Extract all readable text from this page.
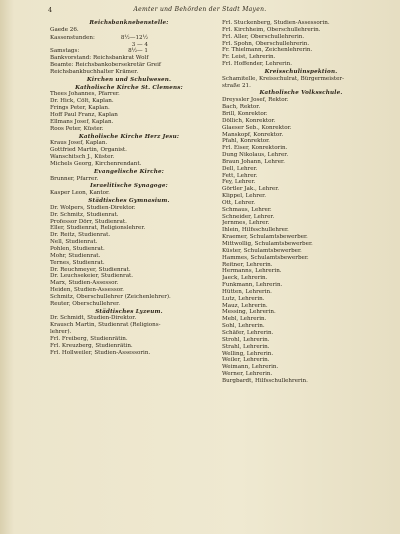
4	Aemter und Behörden der Stadt Mayen.
Reichsbanknebenstelle:
Gaede 26.
Kassenstunden:	8½—12½
3 — 4
Samstags:	8½— 1
Bankvorstand: Reichsbankrat Wolf
Beamte: Reichsbankobersekretär Greif
Reichsbankbuchhalter Krämer.
Kirchen und Schulwesen.
Katholische Kirche St. Clemens:
Thees Johannes, Pfarrer.
Dr. Hick, Cölt, Kaplan.
Frings Peter, Kaplan.
Hoff Paul Franz, Kaplan
Ellmans Josef, Kaplan.
Roos Peter, Küster.
Katholische Kirche Herz Jesu:
Kraus Josef, Kaplan.
Gottfried Martin, Organist.
Wanschitsch J., Küster.
Michels Georg, Kirchenrendant.
Evangelische Kirche:
Brunner, Pfarrer.
Israelitische Synagoge:
Kasper Leon, Kantor.
Städtisches Gymnasium.
Dr. Wolpers, Studien-Direktor.
Dr. Schmitz, Studienrat.
Professor Dörr, Studienrat.
Eller, Studienrat, Religionslehrer.
Dr. Reitz, Studienrat.
Nell, Studienrat.
Pohlen, Studienrat.
Mohr, Studienrat.
Ternes, Studienrat.
Dr. Reuchmeyer, Studienrat.
Dr. Leuchsekeier, Studienrat.
Marx, Studien-Assessor.
Heiden, Studien-Assessor.
Schmitz, Oberschullehrer (Zeichenlehrer).
Reuter, Oberschullehrer.
Städtisches Lyzeum.
Dr. Schmidt, Studien-Direktor.
Krausch Martin, Studienrat (Religions-
lehrer).
Frl. Freiberg, Studienrätin.
Frl. Kreuzberg, Studienrätin.
Frl. Hollweiler, Studien-Assessorin.
Frl. Stuckenberg, Studien-Assessorin.
Frl. Kirchheim, Oberschullehrerin.
Frl. Aller, Oberschullehrerin.
Frl. Spohn, Oberschullehrerin.
Fr. Thielmann, Zeichenlehrerin.
Fr. Leist, Lehrerin.
Frl. Hoffender, Lehrerin.
Kreisschulinspektion.
Schamitelle, Kreisschulrat, Bürgermeister-
straße 21.
Katholische Volksschule.
Dreyssler Josef, Rektor.
Bach, Rektor.
Brill, Konrektor.
Döllich, Konrektor.
Glaeser Seb., Konrektor.
Manskopf, Konrektor.
Pfahl, Konrektor.
Frl. Eiser, Konrektorin.
Dung Nikolaus, Lehrer.
Braun Johann, Lehrer.
Dell, Lehrer.
Fett, Lehrer.
Fey, Lehrer.
Görtler Jak., Lehrer.
Klippel, Lehrer.
Ott, Lehrer.
Schmaus, Lehrer.
Schneider, Lehrer.
Jernmes, Lehrer.
Ihlein, Hilfsschullehrer.
Kraemer, Schulamtsbewerber.
Mittwollig, Schulamtsbewerber.
Küster, Schulamtsbewerber.
Hammes, Schulamtsbewerber.
Reitner, Lehrerin.
Hermanns, Lehrerin.
Jaeck, Lehrerin.
Funkmann, Lehrerin.
Hütten, Lehrerin.
Lutz, Lehrerin.
Mauz, Lehrerin.
Messing, Lehrerin.
Mebl, Lehrerin.
Sohl, Lehrerin.
Schäfer, Lehrerin.
Strohl, Lehrerin.
Strahl, Lehrerin.
Welling, Lehrerin.
Weiler, Lehrerin.
Weimann, Lehrerin.
Werner, Lehrerin.
Burgbardt, Hilfsschullehrerin.
